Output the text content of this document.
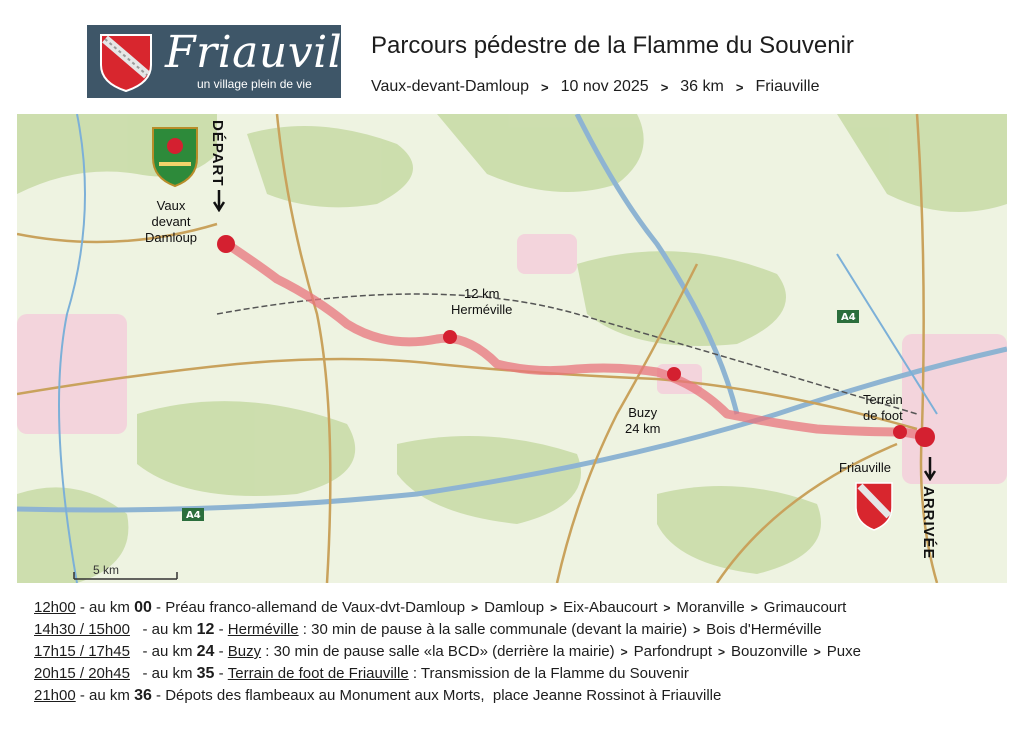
Friauville
un village plein de vie
Parcours pédestre de la Flamme du Souvenir
Vaux-devant-Damloup > 10 nov 2025 > 36 km > Friauville
A4
A4
DÉPART
Vaux
devant
Damloup
12 km
Herméville
Buzy
24 km
Terrain
de foot
ARRIVÉE
Friauville
5 km
12h00 - au km 00 - Préau franco-allemand de Vaux-dvt-Damloup > Damloup > Eix-Abaucourt > Moranville > Grimaucourt
14h30 / 15h00 - au km 12 - Herméville : 30 min de pause à la salle communale (devant la mairie) > Bois d'Herméville
17h15 / 17h45 - au km 24 - Buzy : 30 min de pause salle «la BCD» (derrière la mairie) > Parfondrupt > Bouzonville > Puxe
20h15 / 20h45 - au km 35 - Terrain de foot de Friauville : Transmission de la Flamme du Souvenir
21h00 - au km 36 - Dépots des flambeaux au Monument aux Morts,  place Jeanne Rossinot à Friauville
